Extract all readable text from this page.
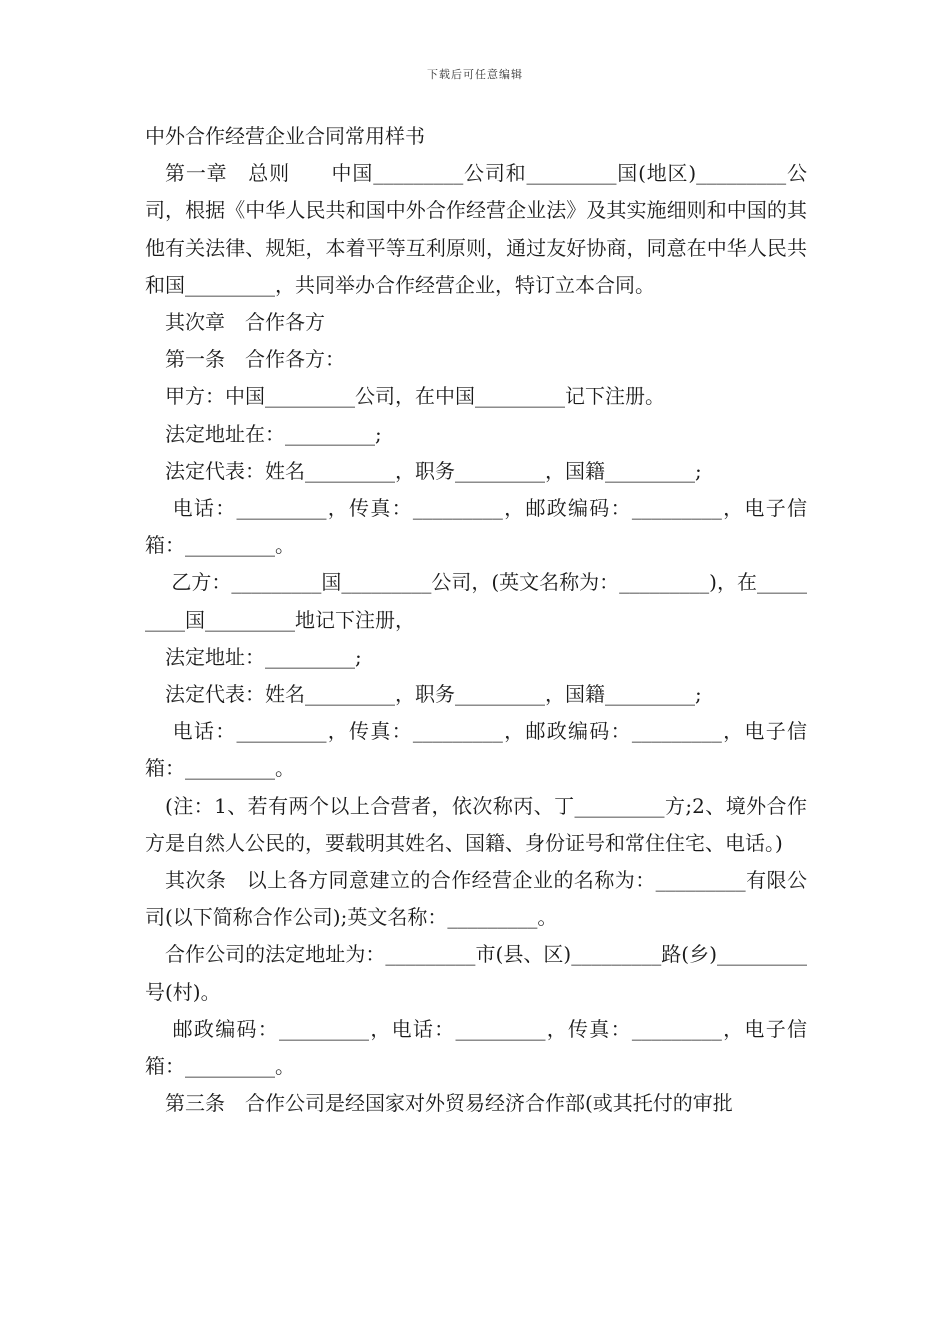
下载后可任意编辑

中外合作经营企业合同常用样书

第一章　总则　　中国_________公司和_________国(地区)_________公司，根据《中华人民共和国中外合作经营企业法》及其实施细则和中国的其他有关法律、规矩，本着平等互利原则，通过友好协商，同意在中华人民共和国_________，共同举办合作经营企业，特订立本合同。

其次章　合作各方

第一条　合作各方：

甲方：中国_________公司，在中国_________记下注册。

法定地址在：_________;

法定代表：姓名_________，职务_________，国籍_________;

电话：_________，传真：_________，邮政编码：_________，电子信箱：_________。

乙方：_________国_________公司，(英文名称为：_________)，在_________国_________地记下注册，

法定地址：_________;

法定代表：姓名_________，职务_________，国籍_________;

电话：_________，传真：_________，邮政编码：_________，电子信箱：_________。

(注：1、若有两个以上合营者，依次称丙、丁_________方;2、境外合作方是自然人公民的，要载明其姓名、国籍、身份证号和常住住宅、电话。)

其次条　以上各方同意建立的合作经营企业的名称为：_________有限公司(以下简称合作公司);英文名称：_________。

合作公司的法定地址为：_________市(县、区)_________路(乡)_________号(村)。

邮政编码：_________，电话：_________，传真：_________，电子信箱：_________。

第三条　合作公司是经国家对外贸易经济合作部(或其托付的审批
